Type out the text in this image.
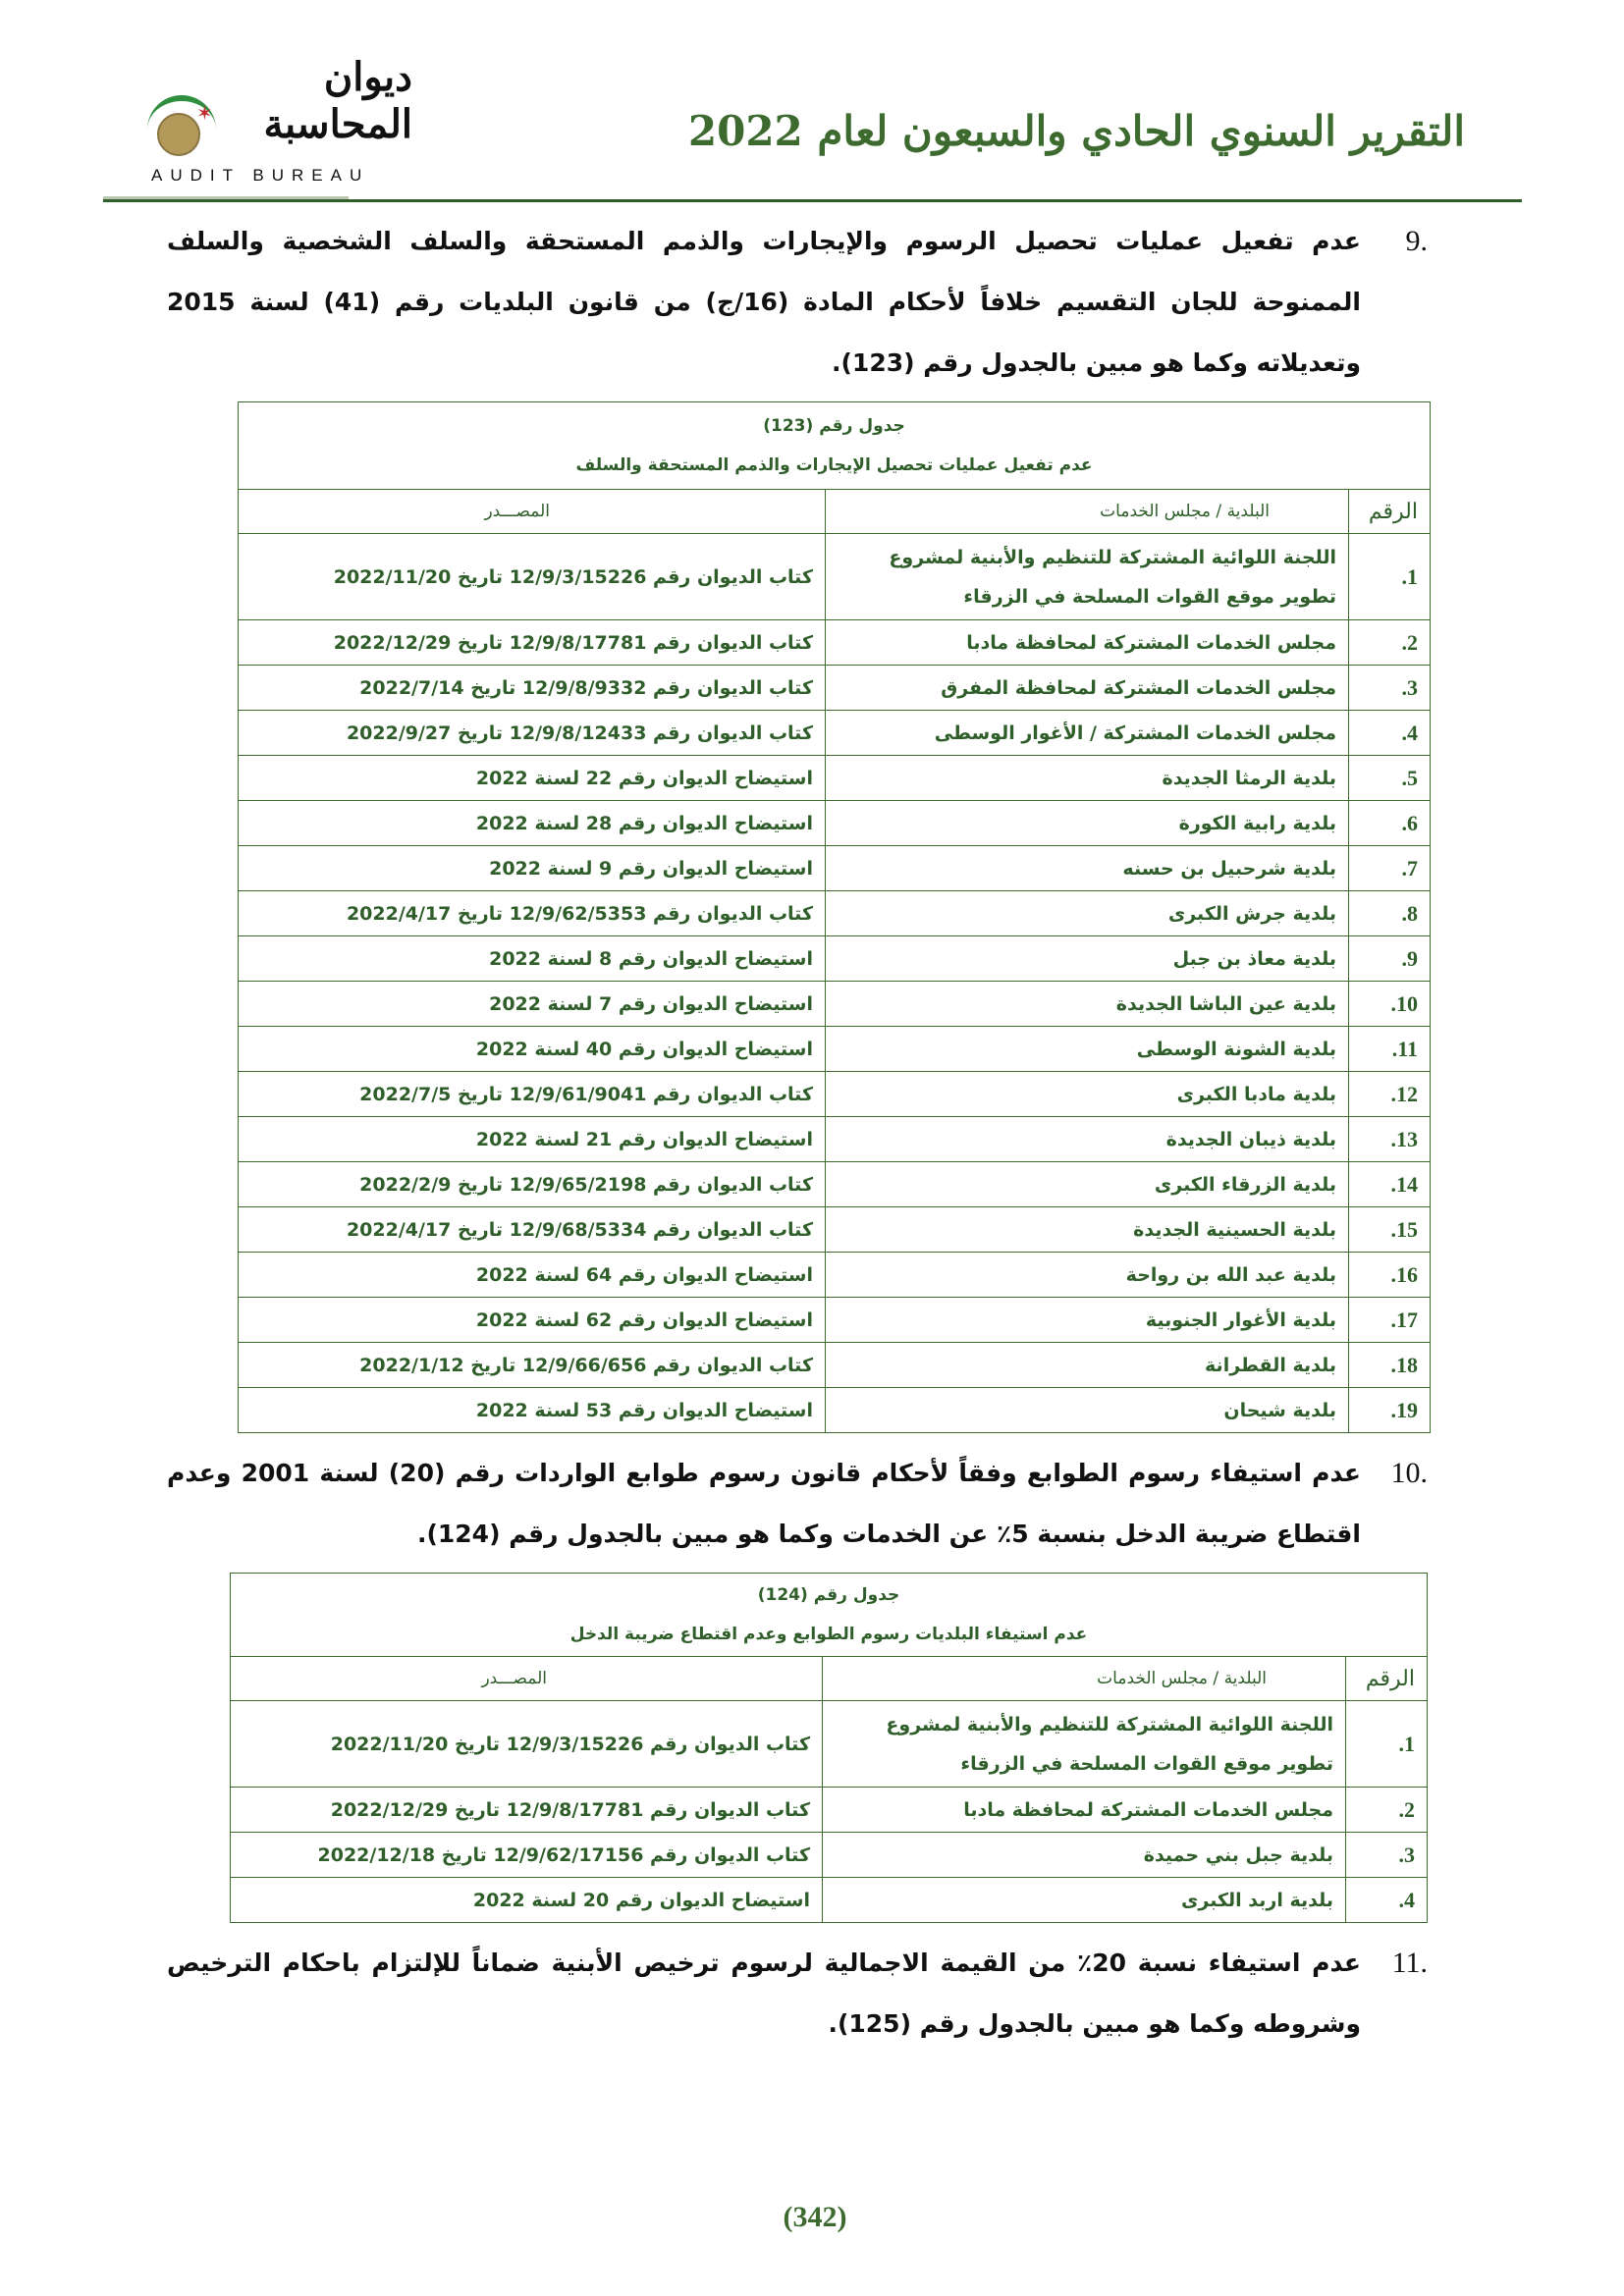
✶
ديوان المحاسبة
AUDIT BUREAU
التقرير السنوي الحادي والسبعون لعام 2022
9.
عدم تفعيل عمليات تحصيل الرسوم والإيجارات والذمم المستحقة والسلف الشخصية والسلف الممنوحة للجان التقسيم خلافاً لأحكام المادة (16/ج) من قانون البلديات رقم (41) لسنة 2015 وتعديلاته وكما هو مبين بالجدول رقم (123).
جدول رقم (123)
عدم تفعيل عمليات تحصيل الإيجارات والذمم المستحقة والسلف		

الرقم	البلدية / مجلس الخدمات	المصـــدر
1.	اللجنة اللوائية المشتركة للتنظيم والأبنية لمشروع تطوير موقع القوات المسلحة في الزرقاء	كتاب الديوان رقم 12/9/3/15226 تاريخ 2022/11/20
2.	مجلس الخدمات المشتركة لمحافظة مادبا	كتاب الديوان رقم 12/9/8/17781 تاريخ 2022/12/29
3.	مجلس الخدمات المشتركة لمحافظة المفرق	كتاب الديوان رقم 12/9/8/9332 تاريخ 2022/7/14
4.	مجلس الخدمات المشتركة / الأغوار الوسطى	كتاب الديوان رقم 12/9/8/12433 تاريخ 2022/9/27
5.	بلدية الرمثا الجديدة	استيضاح الديوان رقم 22 لسنة 2022
6.	بلدية رابية الكورة	استيضاح الديوان رقم 28 لسنة 2022
7.	بلدية شرحبيل بن حسنه	استيضاح الديوان رقم 9 لسنة 2022
8.	بلدية جرش الكبرى	كتاب الديوان رقم 12/9/62/5353 تاريخ 2022/4/17
9.	بلدية معاذ بن جبل	استيضاح الديوان رقم 8 لسنة 2022
10.	بلدية عين الباشا الجديدة	استيضاح الديوان رقم 7 لسنة 2022
11.	بلدية الشونة الوسطى	استيضاح الديوان رقم 40 لسنة 2022
12.	بلدية مادبا الكبرى	كتاب الديوان رقم 12/9/61/9041 تاريخ 2022/7/5
13.	بلدية ذيبان الجديدة	استيضاح الديوان رقم 21 لسنة 2022
14.	بلدية الزرقاء الكبرى	كتاب الديوان رقم 12/9/65/2198 تاريخ 2022/2/9
15.	بلدية الحسينية الجديدة	كتاب الديوان رقم 12/9/68/5334 تاريخ 2022/4/17
16.	بلدية عبد الله بن رواحة	استيضاح الديوان رقم 64 لسنة 2022
17.	بلدية الأغوار الجنوبية	استيضاح الديوان رقم 62 لسنة 2022
18.	بلدية القطرانة	كتاب الديوان رقم 12/9/66/656 تاريخ 2022/1/12
19.	بلدية شيحان	استيضاح الديوان رقم 53 لسنة 2022
10.
عدم استيفاء رسوم الطوابع وفقاً لأحكام قانون رسوم طوابع الواردات رقم (20) لسنة 2001 وعدم اقتطاع ضريبة الدخل بنسبة 5٪ عن الخدمات وكما هو مبين بالجدول رقم (124).
جدول رقم (124)
عدم استيفاء البلديات رسوم الطوابع وعدم اقتطاع ضريبة الدخل		

الرقم	البلدية / مجلس الخدمات	المصـــدر
1.	اللجنة اللوائية المشتركة للتنظيم والأبنية لمشروع تطوير موقع القوات المسلحة في الزرقاء	كتاب الديوان رقم 12/9/3/15226 تاريخ 2022/11/20
2.	مجلس الخدمات المشتركة لمحافظة مادبا	كتاب الديوان رقم 12/9/8/17781 تاريخ 2022/12/29
3.	بلدية جبل بني حميدة	كتاب الديوان رقم 12/9/62/17156 تاريخ 2022/12/18
4.	بلدية اربد الكبرى	استيضاح الديوان رقم 20 لسنة 2022
11.
عدم استيفاء نسبة 20٪ من القيمة الاجمالية لرسوم ترخيص الأبنية ضماناً للإلتزام باحكام الترخيص وشروطه وكما هو مبين بالجدول رقم (125).
(342)
